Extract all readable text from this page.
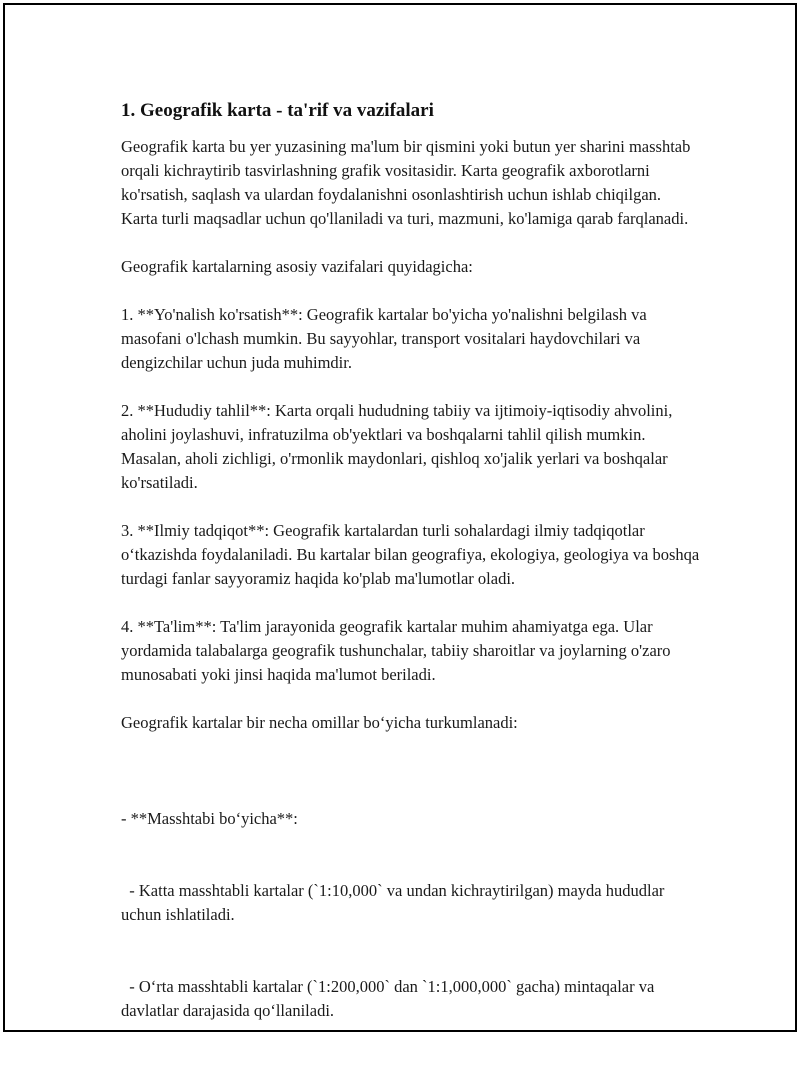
1. Geografik karta - ta'rif va vazifalari

Geografik karta bu yer yuzasining ma'lum bir qismini yoki butun yer sharini masshtab orqali kichraytirib tasvirlashning grafik vositasidir. Karta geografik axborotlarni ko'rsatish, saqlash va ulardan foydalanishni osonlashtirish uchun ishlab chiqilgan. Karta turli maqsadlar uchun qo'llaniladi va turi, mazmuni, ko'lamiga qarab farqlanadi.

Geografik kartalarning asosiy vazifalari quyidagicha:

1. **Yo'nalish ko'rsatish**: Geografik kartalar bo'yicha yo'nalishni belgilash va masofani o'lchash mumkin. Bu sayyohlar, transport vositalari haydovchilari va dengizchilar uchun juda muhimdir.

2. **Hududiy tahlil**: Karta orqali hududning tabiiy va ijtimoiy-iqtisodiy ahvolini, aholini joylashuvi, infratuzilma ob'yektlari va boshqalarni tahlil qilish mumkin. Masalan, aholi zichligi, o'rmonlik maydonlari, qishloq xo'jalik yerlari va boshqalar ko'rsatiladi.

3. **Ilmiy tadqiqot**: Geografik kartalardan turli sohalardagi ilmiy tadqiqotlar o‘tkazishda foydalaniladi. Bu kartalar bilan geografiya, ekologiya, geologiya va boshqa turdagi fanlar sayyoramiz haqida ko'plab ma'lumotlar oladi.

4. **Ta'lim**: Ta'lim jarayonida geografik kartalar muhim ahamiyatga ega. Ular yordamida talabalarga geografik tushunchalar, tabiiy sharoitlar va joylarning o'zaro munosabati yoki jinsi haqida ma'lumot beriladi.

Geografik kartalar bir necha omillar bo‘yicha turkumlanadi:

- **Masshtabi bo‘yicha**:

- Katta masshtabli kartalar (`1:10,000` va undan kichraytirilgan) mayda hududlar uchun ishlatiladi.

- O‘rta masshtabli kartalar (`1:200,000` dan `1:1,000,000` gacha) mintaqalar va davlatlar darajasida qo‘llaniladi.
